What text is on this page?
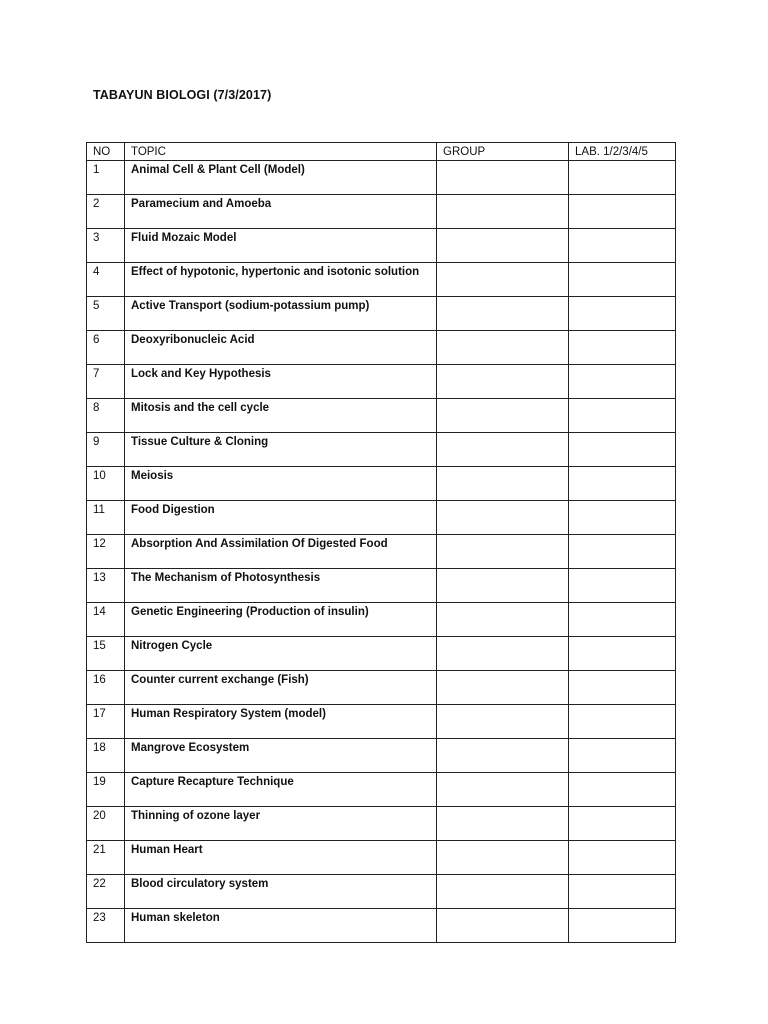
TABAYUN BIOLOGI (7/3/2017)
NO	TOPIC	GROUP	LAB. 1/2/3/4/5
1	Animal Cell & Plant Cell (Model)		
2	Paramecium and Amoeba		
3	Fluid Mozaic Model		
4	Effect of hypotonic, hypertonic and isotonic solution		
5	Active Transport (sodium-potassium pump)		
6	Deoxyribonucleic Acid		
7	Lock and Key Hypothesis		
8	Mitosis and the cell cycle		
9	Tissue Culture & Cloning		
10	Meiosis		
11	Food Digestion		
12	Absorption And Assimilation Of Digested Food		
13	The Mechanism of Photosynthesis		
14	Genetic Engineering (Production of insulin)		
15	Nitrogen Cycle		
16	Counter current exchange (Fish)		
17	Human Respiratory System (model)		
18	Mangrove Ecosystem		
19	Capture Recapture Technique		
20	Thinning of ozone layer		
21	Human Heart		
22	Blood circulatory system		
23	Human skeleton		
